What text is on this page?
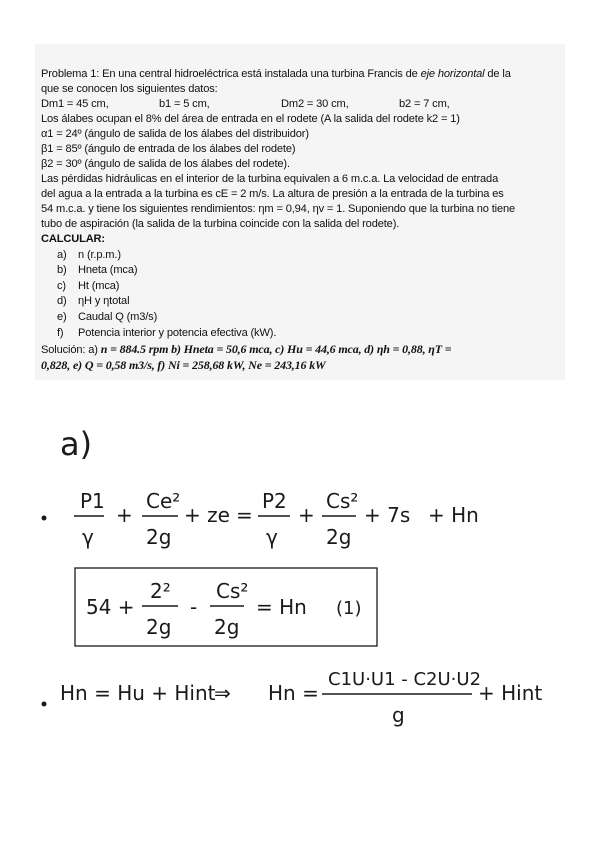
Problema 1: En una central hidroeléctrica está instalada una turbina Francis de eje horizontal de la
que se conocen los siguientes datos:
Dm1 = 45 cm,	b1 = 5 cm,	Dm2 = 30 cm,	b2 = 7 cm,
Los álabes ocupan el 8% del área de entrada en el rodete (A la salida del rodete k2 = 1)
α1 = 24º (ángulo de salida de los álabes del distribuidor)
β1 = 85º (ángulo de entrada de los álabes del rodete)
β2 = 30º (ángulo de salida de los álabes del rodete).
Las pérdidas hidráulicas en el interior de la turbina equivalen a 6 m.c.a. La velocidad de entrada
del agua a la entrada a la turbina es cE = 2 m/s. La altura de presión a la entrada de la turbina es
54 m.c.a. y tiene los siguientes rendimientos: ηm = 0,94, ηv = 1. Suponiendo que la turbina no tiene
tubo de aspiración (la salida de la turbina coincide con la salida del rodete).
CALCULAR:
a) n (r.p.m.)
b) Hneta (mca)
c) Ht (mca)
d) ηH y ηtotal
e) Caudal Q (m3/s)
f) Potencia interior y potencia efectiva (kW).
Solución: a) n = 884.5 rpm b) Hneta = 50,6 mca, c) Hu = 44,6 mca, d) ηh = 0,88, ηT =
0,828, e) Q = 0,58 m3/s, f) Ni = 258,68 kW, Ne = 243,16 kW
a)
P1
γ
+
Ce²
2g
+ ze =
P2
γ
+
Cs²
2g
+ 7s + Hn
54 +
2²
2g
-
Cs²
2g
= Hn (1)
Hn = Hu + Hint
⇒ Hn =
C1U·U1 - C2U·U2
g
+ Hint
